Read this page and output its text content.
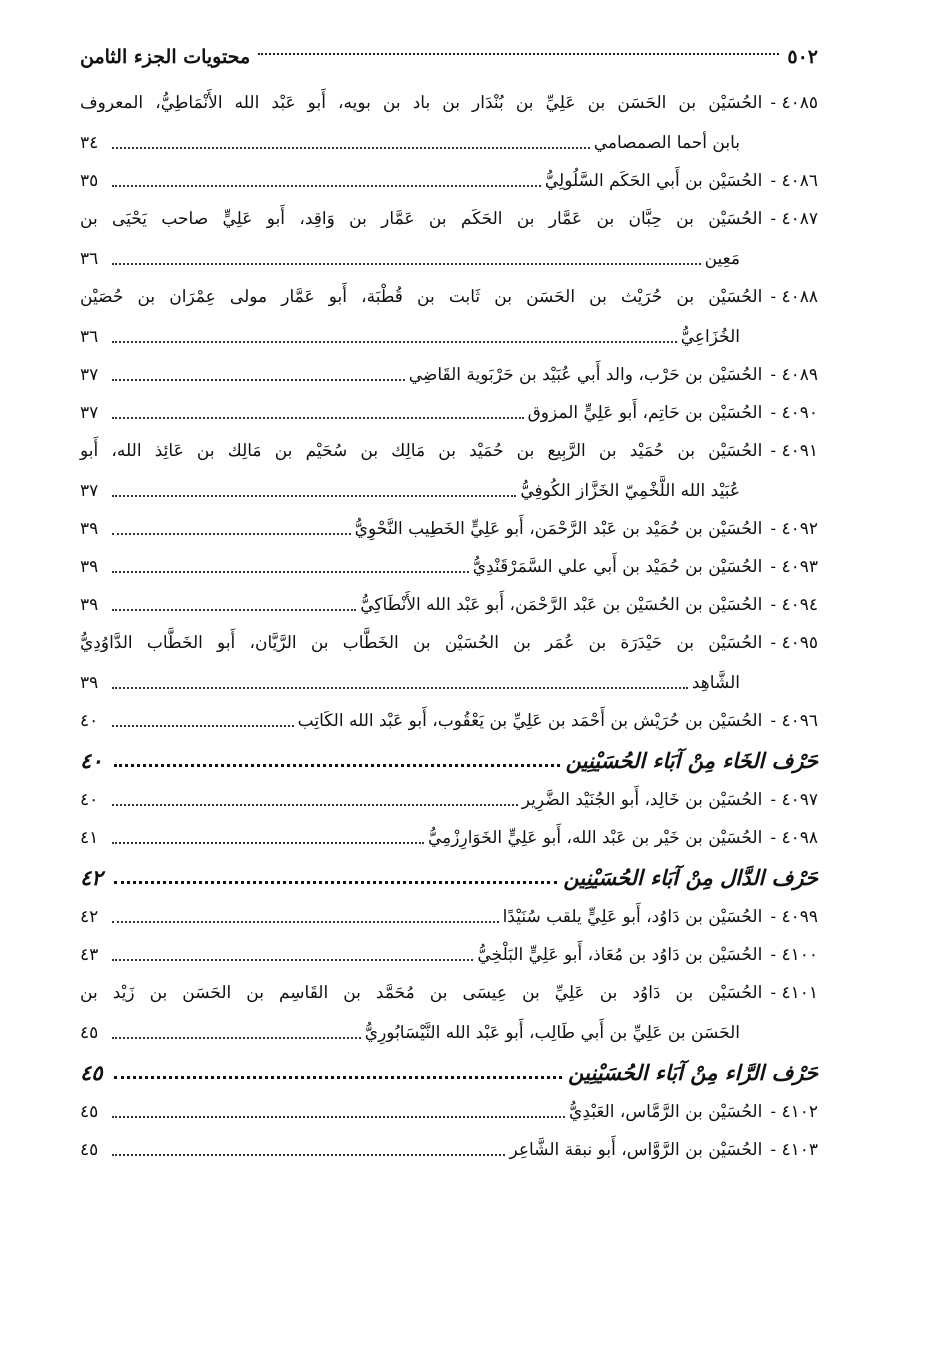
٥٠٢
محتويات الجزء الثامن
٤٠٨٥ -
الحُسَيْن بن الحَسَن بن عَلِيِّ بن بُنْدَار بن باد بن بويه، أَبو عَبْد الله الأَنْمَاطِيُّ، المعروف
بابن أحما الصمصامي
٣٤
٤٠٨٦ -
الحُسَيْن بن أَبي الحَكَم السَّلُولِيُّ
٣٥
٤٠٨٧ -
الحُسَيْن بن حِبَّان بن عَمَّار بن الحَكَم بن عَمَّار بن وَاقِد، أَبو عَلِيٍّ صاحب يَحْيَى بن
مَعِين
٣٦
٤٠٨٨ -
الحُسَيْن بن حُرَيْث بن الحَسَن بن ثَابت بن قُطْبَة، أَبو عَمَّار مولى عِمْرَان بن حُصَيْن
الخُزَاعِيُّ
٣٦
٤٠٨٩ -
الحُسَيْن بن حَرْب، والد أَبي عُبَيْد بن حَرْبَوية القَاضِي
٣٧
٤٠٩٠ -
الحُسَيْن بن حَاتِم، أَبو عَلِيٍّ المزوق
٣٧
٤٠٩١ -
الحُسَيْن بن حُمَيْد بن الرَّبِيع بن حُمَيْد بن مَالِك بن سُحَيْم بن مَالِك بن عَائِذ الله، أَبو
عُبَيْد الله اللَّخْمِيّ الخَزَّاز الكُوفِيُّ
٣٧
٤٠٩٢ -
الحُسَيْن بن حُمَيْد بن عَبْد الرَّحْمَن، أَبو عَلِيٍّ الخَطِيب النَّحْوِيُّ
٣٩
٤٠٩٣ -
الحُسَيْن بن حُمَيْد بن أَبي علي السَّمَرْقَنْدِيُّ
٣٩
٤٠٩٤ -
الحُسَيْن بن الحُسَيْن بن عَبْد الرَّحْمَن، أَبو عَبْد الله الأَنْطَاكِيُّ
٣٩
٤٠٩٥ -
الحُسَيْن بن حَيْدَرَة بن عُمَر بن الحُسَيْن بن الخَطَّاب بن الرَّيَّان، أَبو الخَطَّاب الدَّاوُدِيُّ
الشَّاهِد
٣٩
٤٠٩٦ -
الحُسَيْن بن حُرَيْش بن أَحْمَد بن عَلِيِّ بن يَعْقُوب، أَبو عَبْد الله الكَاتِب
٤٠
حَرْف الخَاء مِنْ آبَاء الحُسَيْنِين
٤٠
٤٠٩٧ -
الحُسَيْن بن خَالِد، أَبو الجُنَيْد الضَّرِير
٤٠
٤٠٩٨ -
الحُسَيْن بن خَيْر بن عَبْد الله، أَبو عَلِيٍّ الخَوَارِزْمِيُّ
٤١
حَرْف الدَّال مِنْ آبَاء الحُسَيْنِين
٤٢
٤٠٩٩ -
الحُسَيْن بن دَاوُد، أَبو عَلِيٍّ يلقب سُنَيْدًا
٤٢
٤١٠٠ -
الحُسَيْن بن دَاوُد بن مُعَاذ، أَبو عَلِيٍّ البَلْخِيُّ
٤٣
٤١٠١ -
الحُسَيْن بن دَاوُد بن عَلِيِّ بن عِيسَى بن مُحَمَّد بن القَاسِم بن الحَسَن بن زَيْد بن
الحَسَن بن عَلِيِّ بن أَبي طَالِب، أَبو عَبْد الله النَّيْسَابُورِيُّ
٤٥
حَرْف الرَّاء مِنْ آبَاء الحُسَيْنِين
٤٥
٤١٠٢ -
الحُسَيْن بن الرَّمَّاس، العَبْدِيُّ
٤٥
٤١٠٣ -
الحُسَيْن بن الرَّوَّاس، أَبو نبقة الشَّاعِر
٤٥
